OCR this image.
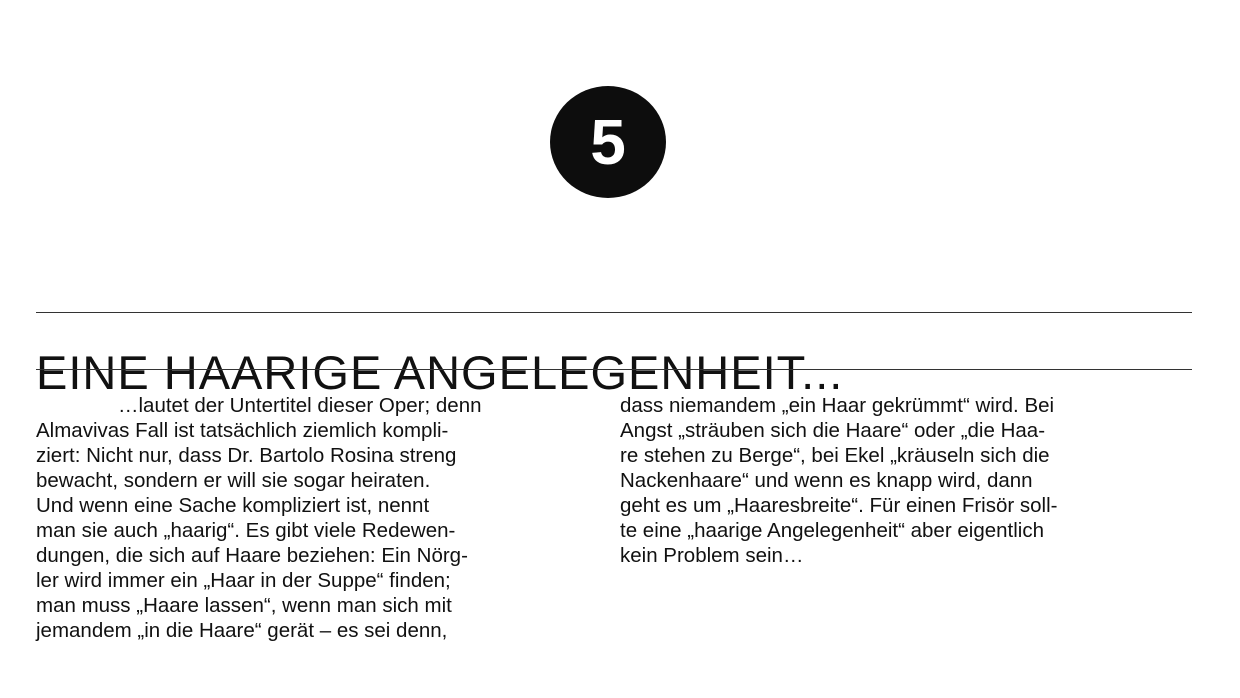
5
EINE HAARIGE ANGELEGENHEIT...
…lautet der Untertitel dieser Oper; denn
Almavivas Fall ist tatsächlich ziemlich kompli-
ziert: Nicht nur, dass Dr. Bartolo Rosina streng
bewacht, sondern er will sie sogar heiraten.
Und wenn eine Sache kompliziert ist, nennt
man sie auch „haarig“. Es gibt viele Redewen-
dungen, die sich auf Haare beziehen: Ein Nörg-
ler wird immer ein „Haar in der Suppe“ finden;
man muss „Haare lassen“, wenn man sich mit
jemandem „in die Haare“ gerät – es sei denn,
dass niemandem „ein Haar gekrümmt“ wird. Bei
Angst „sträuben sich die Haare“ oder „die Haa-
re stehen zu Berge“, bei Ekel „kräuseln sich die
Nackenhaare“ und wenn es knapp wird, dann
geht es um „Haaresbreite“. Für einen Frisör soll-
te eine „haarige Angelegenheit“ aber eigentlich
kein Problem sein…
